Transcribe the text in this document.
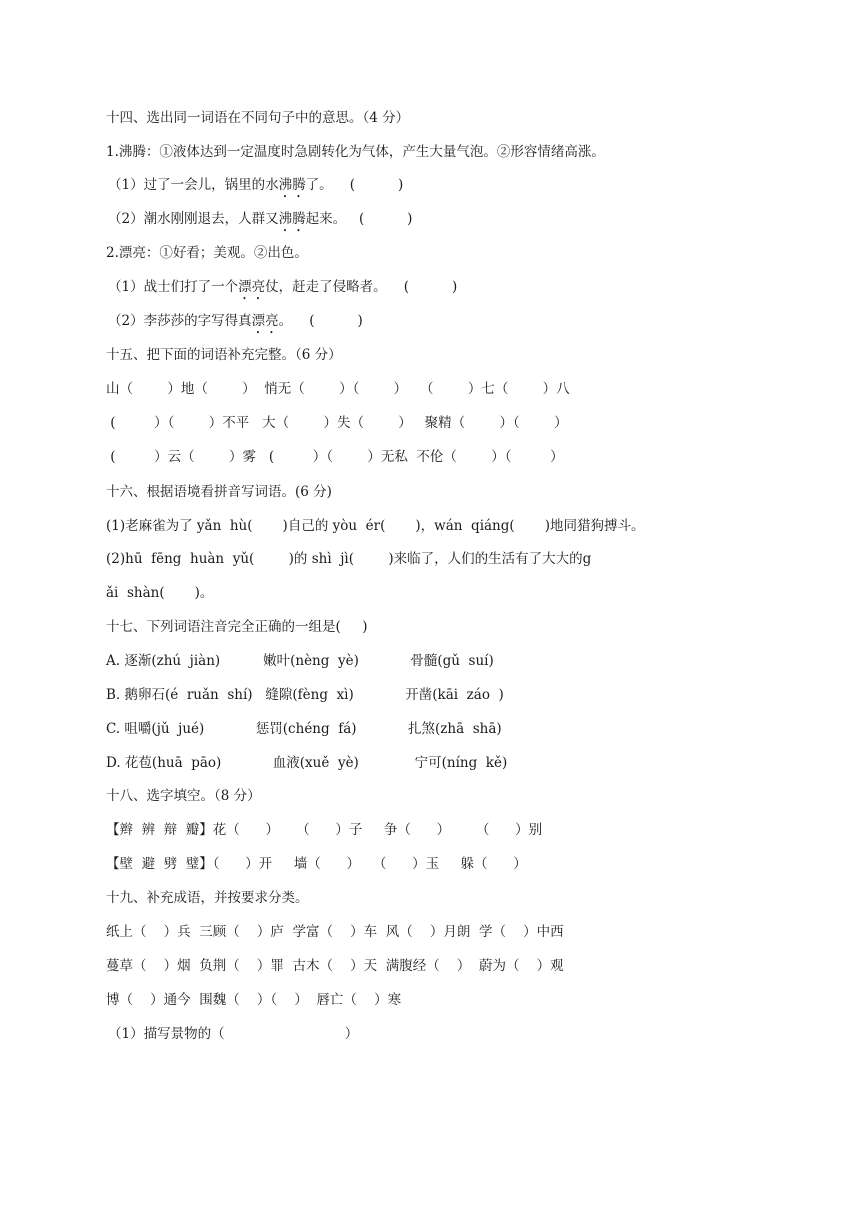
十四、选出同一词语在不同句子中的意思。（4 分）
1.沸腾：①液体达到一定温度时急剧转化为气体，产生大量气泡。②形容情绪高涨。
（1）过了一会儿，锅里的水沸腾了。    (          )
（2）潮水刚刚退去，人群又沸腾起来。   (          )
2.漂亮：①好看；美观。②出色。
（1）战士们打了一个漂亮仗，赶走了侵略者。    (          )
（2）李莎莎的字写得真漂亮。    (          )
十五、把下面的词语补充完整。（6 分）
山（        ）地（        ）  悄无（        ）（        ）   （        ）七（        ）八
(         ）（        ）不平   大（        ）失（        ）   聚精（        ）（        ）
(         ）云（        ）雾   (         ）（        ）无私  不伦（        ）（         ）
十六、根据语境看拼音写词语。(6 分)
(1)老麻雀为了 yǎn  hù(       )自己的 yòu  ér(       )，wán  qiáng(       )地同猎狗搏斗。
(2)hū  fēng  huàn  yǔ(        )的 shì  jì(        )来临了，人们的生活有了大大的g
ǎi  shàn(       )。
十七、下列词语注音完全正确的一组是(     )
A. 逐渐(zhú  jiàn)          嫩叶(nèng  yè)            骨髓(gǔ  suí)
B. 鹅卵石(é  ruǎn  shí)   缝隙(fèng  xì)            开凿(kāi  záo  )
C. 咀嚼(jǔ  jué)            惩罚(chéng  fá)            扎煞(zhā  shā)
D. 花苞(huā  pāo)            血液(xuě  yè)             宁可(níng  kě)
十八、选字填空。（8 分）
【辫  辨  辩  瓣】花（      ）    （      ）子     争（      ）      （      ）别
【壁  避  劈  璧】（      ）开     墙（      ）   （      ）玉     躲（      ）
十九、补充成语，并按要求分类。
纸上（    ）兵  三顾（    ）庐  学富（    ）车  风（    ）月朗  学（    ）中西
蔓草（    ）烟  负荆（    ）罪  古木（    ）天  满腹经（    ）  蔚为（    ）观
博（    ）通今  围魏（    ）（    ）  唇亡（    ）寒
（1）描写景物的（                            ）
